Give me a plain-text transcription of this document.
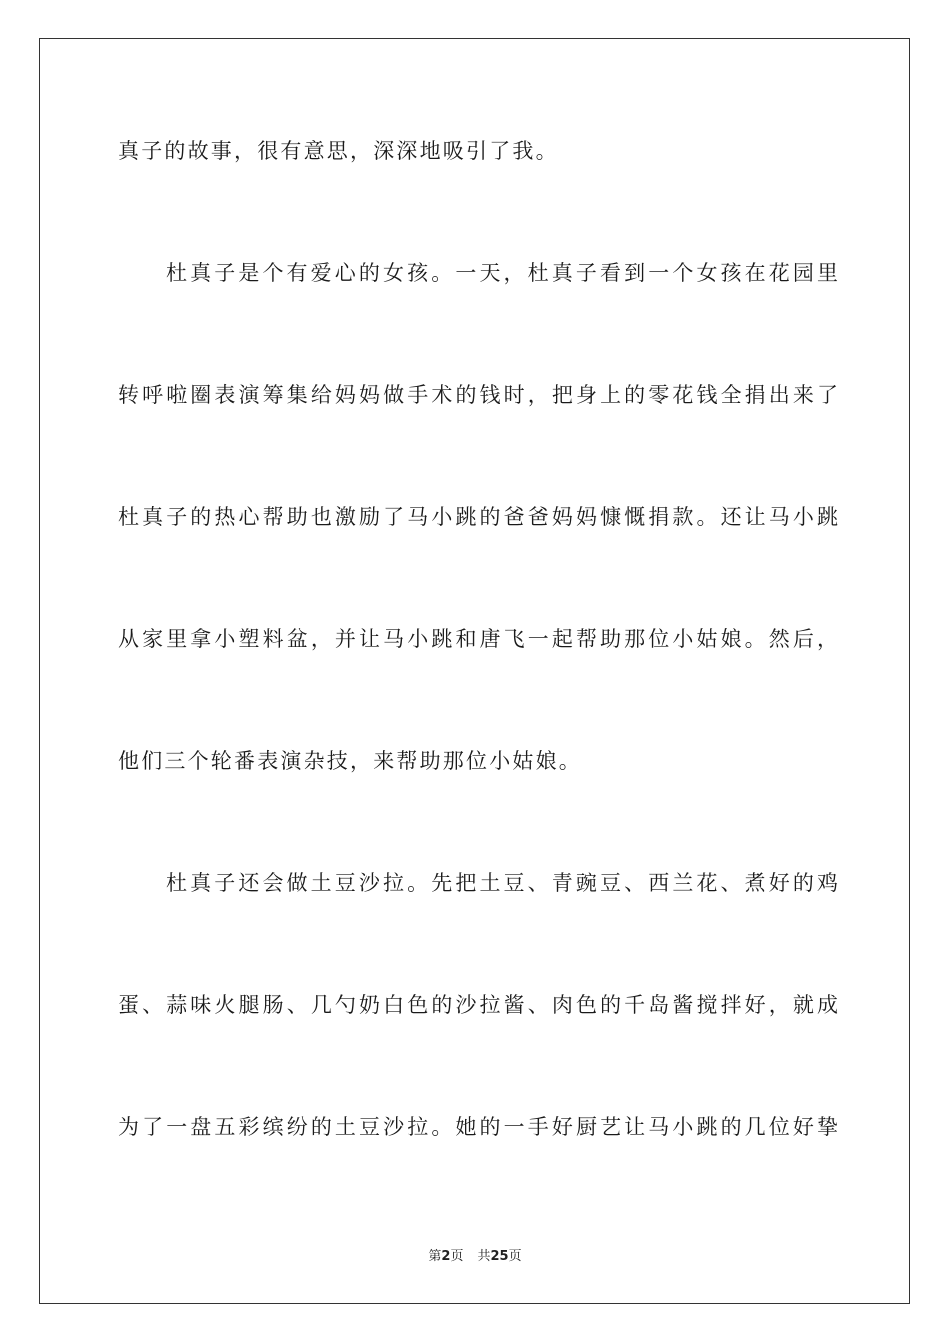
真子的故事，很有意思，深深地吸引了我。
杜真子是个有爱心的女孩。一天，杜真子看到一个女孩在花园里
转呼啦圈表演筹集给妈妈做手术的钱时，把身上的零花钱全捐出来了
杜真子的热心帮助也激励了马小跳的爸爸妈妈慷慨捐款。还让马小跳
从家里拿小塑料盆，并让马小跳和唐飞一起帮助那位小姑娘。然后，
他们三个轮番表演杂技，来帮助那位小姑娘。
杜真子还会做土豆沙拉。先把土豆、青豌豆、西兰花、煮好的鸡
蛋、蒜味火腿肠、几勺奶白色的沙拉酱、肉色的千岛酱搅拌好，就成
为了一盘五彩缤纷的土豆沙拉。她的一手好厨艺让马小跳的几位好挚
第2页 共25页
